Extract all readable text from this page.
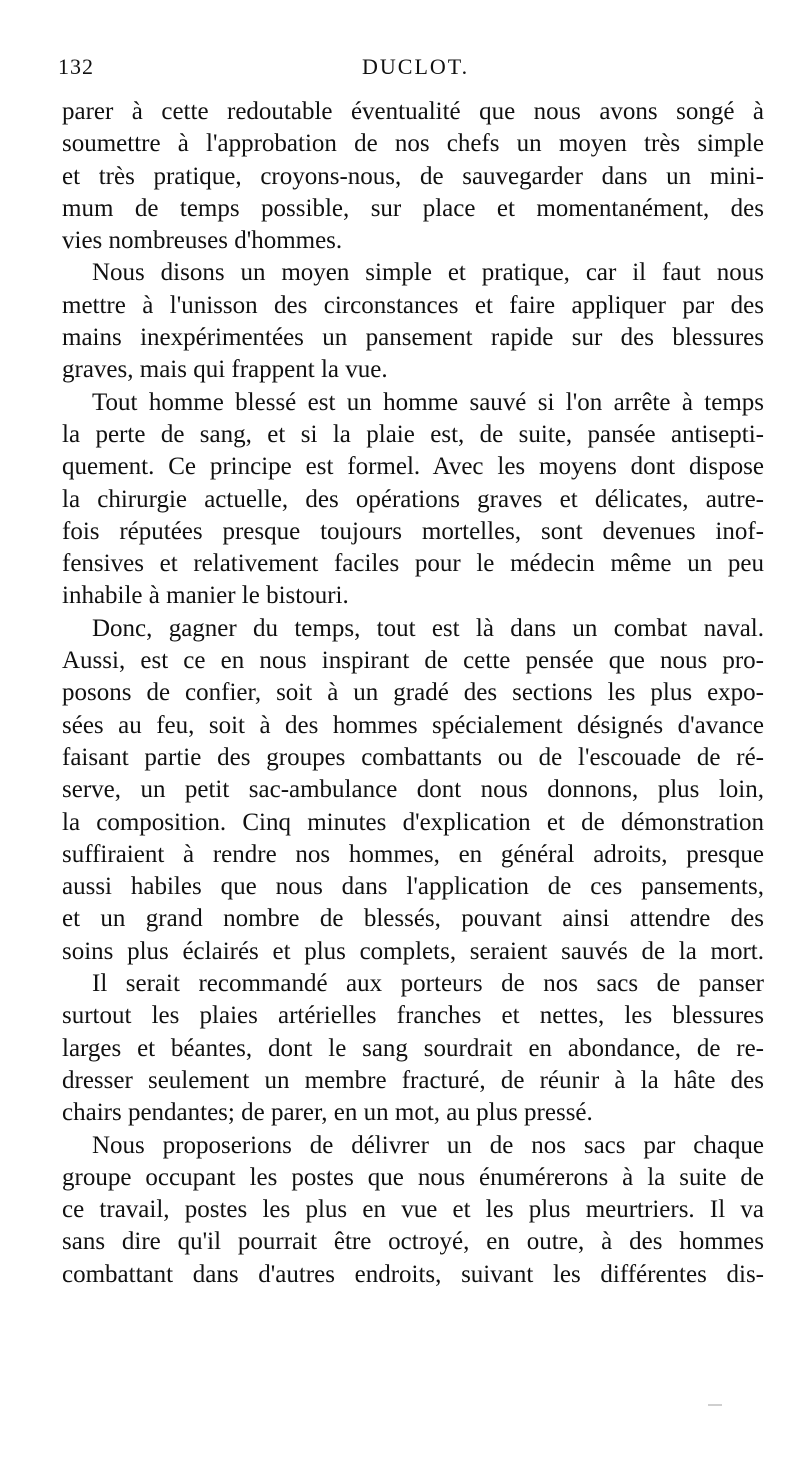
132	DUCLOT.
parer à cette redoutable éventualité que nous avons songé à
soumettre à l'approbation de nos chefs un moyen très simple
et très pratique, croyons-nous, de sauvegarder dans un mini-
mum de temps possible, sur place et momentanément, des
vies nombreuses d'hommes.
Nous disons un moyen simple et pratique, car il faut nous
mettre à l'unisson des circonstances et faire appliquer par des
mains inexpérimentées un pansement rapide sur des blessures
graves, mais qui frappent la vue.
Tout homme blessé est un homme sauvé si l'on arrête à temps
la perte de sang, et si la plaie est, de suite, pansée antisepti-
quement. Ce principe est formel. Avec les moyens dont dispose
la chirurgie actuelle, des opérations graves et délicates, autre-
fois réputées presque toujours mortelles, sont devenues inof-
fensives et relativement faciles pour le médecin même un peu
inhabile à manier le bistouri.
Donc, gagner du temps, tout est là dans un combat naval.
Aussi, est ce en nous inspirant de cette pensée que nous pro-
posons de confier, soit à un gradé des sections les plus expo-
sées au feu, soit à des hommes spécialement désignés d'avance
faisant partie des groupes combattants ou de l'escouade de ré-
serve, un petit sac-ambulance dont nous donnons, plus loin,
la composition. Cinq minutes d'explication et de démonstration
suffiraient à rendre nos hommes, en général adroits, presque
aussi habiles que nous dans l'application de ces pansements,
et un grand nombre de blessés, pouvant ainsi attendre des
soins plus éclairés et plus complets, seraient sauvés de la mort.
Il serait recommandé aux porteurs de nos sacs de panser
surtout les plaies artérielles franches et nettes, les blessures
larges et béantes, dont le sang sourdrait en abondance, de re-
dresser seulement un membre fracturé, de réunir à la hâte des
chairs pendantes; de parer, en un mot, au plus pressé.
Nous proposerions de délivrer un de nos sacs par chaque
groupe occupant les postes que nous énumérerons à la suite de
ce travail, postes les plus en vue et les plus meurtriers. Il va
sans dire qu'il pourrait être octroyé, en outre, à des hommes
combattant dans d'autres endroits, suivant les différentes dis-
